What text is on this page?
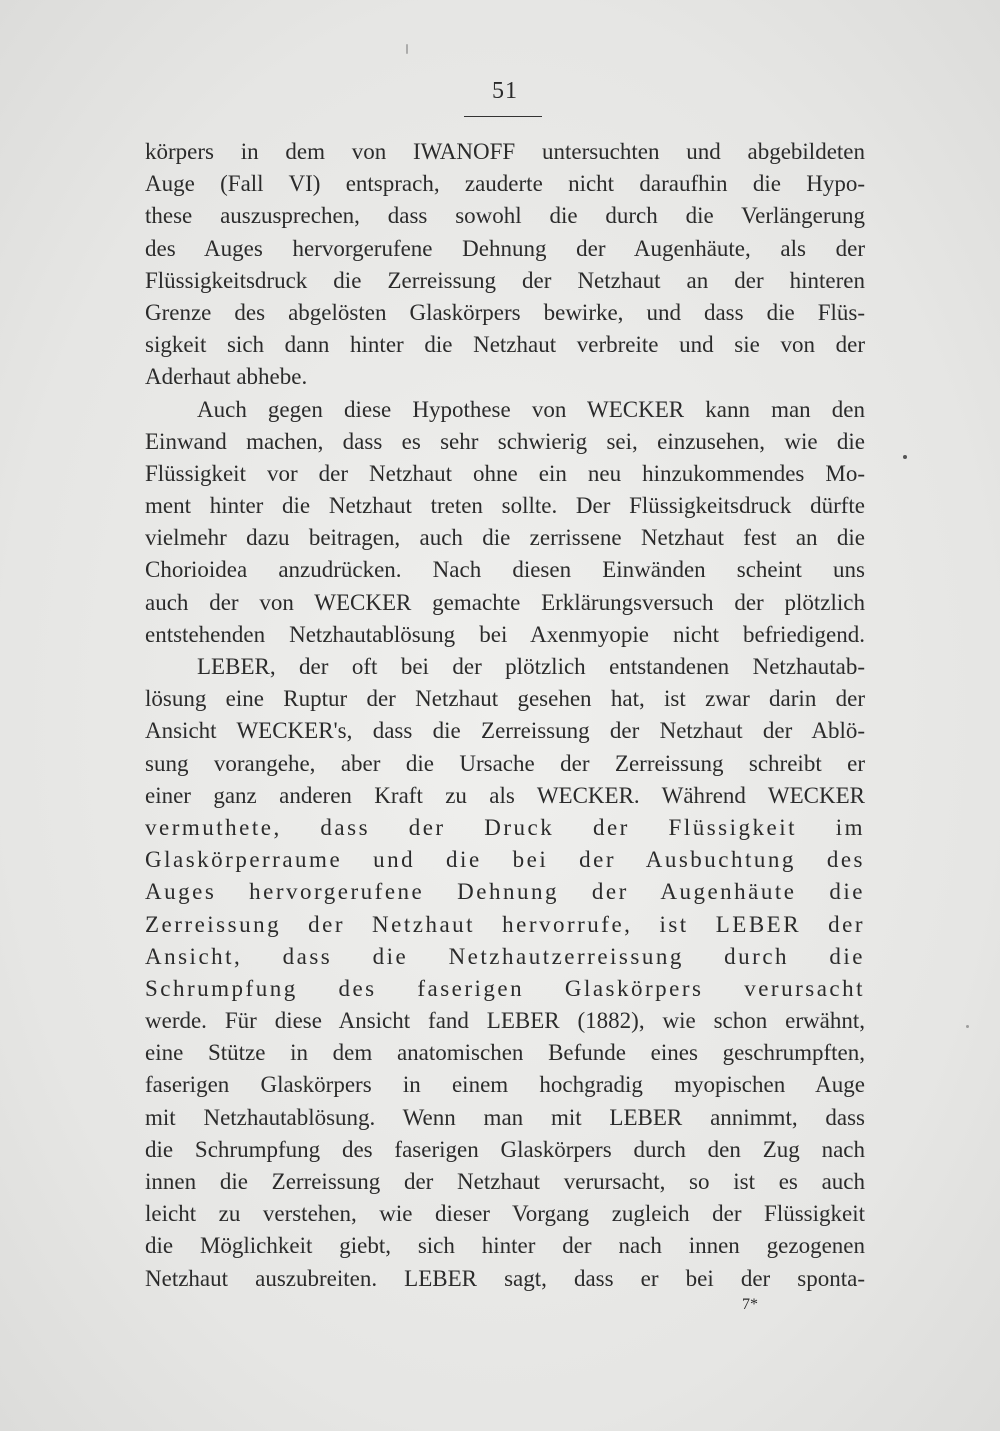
51
körpers in dem von IWANOFF untersuchten und abgebildeten
Auge (Fall VI) entsprach, zauderte nicht daraufhin die Hypo-
these auszusprechen, dass sowohl die durch die Verlängerung
des Auges hervorgerufene Dehnung der Augenhäute, als der
Flüssigkeitsdruck die Zerreissung der Netzhaut an der hinteren
Grenze des abgelösten Glaskörpers bewirke, und dass die Flüs-
sigkeit sich dann hinter die Netzhaut verbreite und sie von der
Aderhaut abhebe.
Auch gegen diese Hypothese von WECKER kann man den
Einwand machen, dass es sehr schwierig sei, einzusehen, wie die
Flüssigkeit vor der Netzhaut ohne ein neu hinzukommendes Mo-
ment hinter die Netzhaut treten sollte. Der Flüssigkeitsdruck dürfte
vielmehr dazu beitragen, auch die zerrissene Netzhaut fest an die
Chorioidea anzudrücken. Nach diesen Einwänden scheint uns
auch der von WECKER gemachte Erklärungsversuch der plötzlich
entstehenden Netzhautablösung bei Axenmyopie nicht befriedigend.
LEBER, der oft bei der plötzlich entstandenen Netzhautab-
lösung eine Ruptur der Netzhaut gesehen hat, ist zwar darin der
Ansicht WECKER's, dass die Zerreissung der Netzhaut der Ablö-
sung vorangehe, aber die Ursache der Zerreissung schreibt er
einer ganz anderen Kraft zu als WECKER. Während WECKER
vermuthete, dass der Druck der Flüssigkeit im
Glaskörperraume und die bei der Ausbuchtung des
Auges hervorgerufene Dehnung der Augenhäute die
Zerreissung der Netzhaut hervorrufe, ist LEBER der
Ansicht, dass die Netzhautzerreissung durch die
Schrumpfung des faserigen Glaskörpers verursacht
werde. Für diese Ansicht fand LEBER (1882), wie schon erwähnt,
eine Stütze in dem anatomischen Befunde eines geschrumpften,
faserigen Glaskörpers in einem hochgradig myopischen Auge
mit Netzhautablösung. Wenn man mit LEBER annimmt, dass
die Schrumpfung des faserigen Glaskörpers durch den Zug nach
innen die Zerreissung der Netzhaut verursacht, so ist es auch
leicht zu verstehen, wie dieser Vorgang zugleich der Flüssigkeit
die Möglichkeit giebt, sich hinter der nach innen gezogenen
Netzhaut auszubreiten. LEBER sagt, dass er bei der sponta-
7*
